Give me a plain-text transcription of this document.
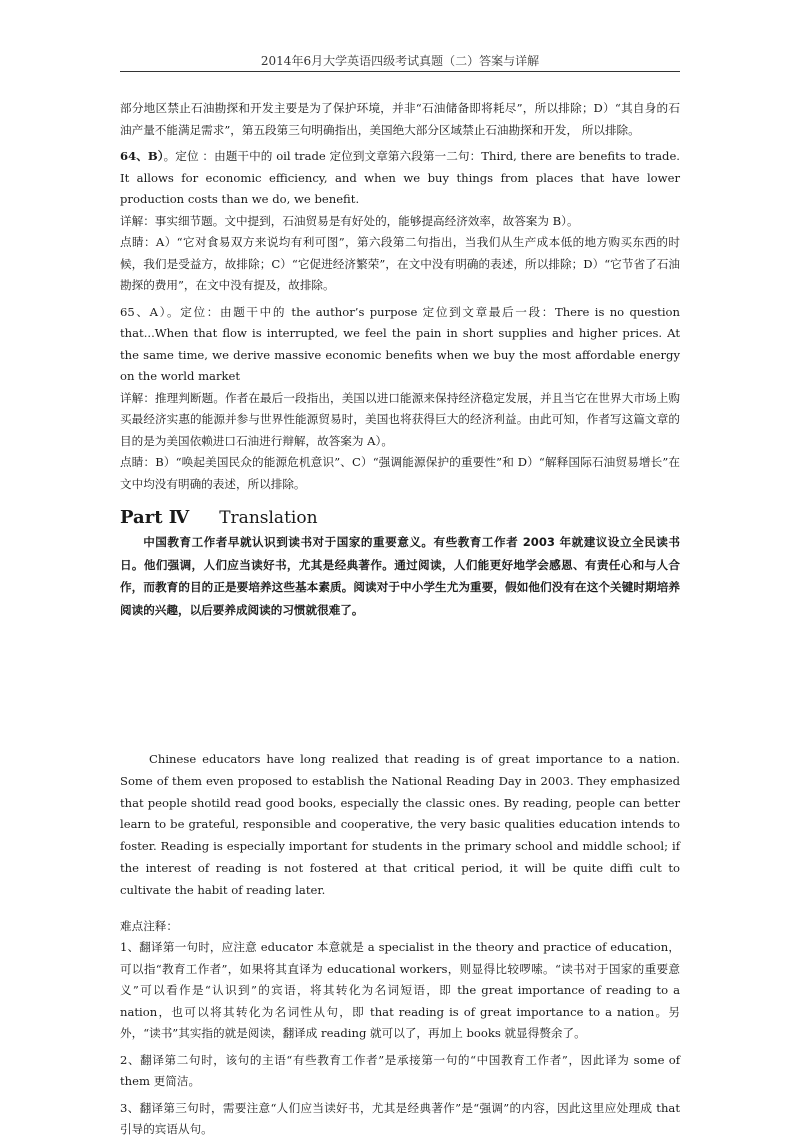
2014年6月大学英语四级考试真题（二）答案与详解

部分地区禁止石油勘探和开发主要是为了保护环境，并非“石油储备即将耗尽”，所以排除；D）“其自身的石油产量不能满足需求”，第五段第三句明确指出，美国绝大部分区域禁止石油勘探和开发， 所以排除。

64、B）。定位 ：由题干中的 oil trade 定位到文章第六段第一二句：Third, there are benefits to trade. It allows for economic efficiency, and when we buy things from places that have lower production costs than we do, we benefit.

详解：事实细节题。文中提到，石油贸易是有好处的，能够提高经济效率，故答案为 B）。

点睛：A）“它对食易双方来说均有利可图”，第六段第二句指出，当我们从生产成本低的地方购买东西的时候，我们是受益方，故排除；C）“它促进经济繁荣”，在文中没有明确的表述，所以排除；D）“它节省了石油勘探的费用”，在文中没有提及，故排除。

65、A）。定位：由题干中的 the author’s purpose 定位到文章最后一段：There is no question that...When that flow is interrupted, we feel the pain in short supplies and higher prices. At the same time, we derive massive economic benefits when we buy the most affordable energy on the world market

详解：推理判断题。作者在最后一段指出，美国以进口能源来保持经济稳定发展，并且当它在世界大市场上购买最经济实惠的能源并参与世界性能源贸易时，美国也将获得巨大的经济利益。由此可知，作者写这篇文章的目的是为美国依赖进口石油进行辩解，故答案为 A）。

点睛：B）“唤起美国民众的能源危机意识”、C）“强调能源保护的重要性”和 D）“解释国际石油贸易增长”在文中均没有明确的表述，所以排除。

Part Ⅳ Translation

中国教育工作者早就认识到读书对于国家的重要意义。有些教育工作者 2003 年就建议设立全民读书日。他们强调，人们应当读好书，尤其是经典著作。通过阅读，人们能更好地学会感恩、有责任心和与人合作，而教育的目的正是要培养这些基本素质。阅读对于中小学生尤为重要，假如他们没有在这个关键时期培养阅读的兴趣，以后要养成阅读的习惯就很难了。

Chinese educators have long realized that reading is of great importance to a nation. Some of them even proposed to establish the National Reading Day in 2003. They emphasized that people shotild read good books, especially the classic ones. By reading, people can better learn to be grateful, responsible and cooperative, the very basic qualities education intends to foster. Reading is especially important for students in the primary school and middle school; if the interest of reading is not fostered at that critical period, it will be quite diffi cult to cultivate the habit of reading later.

难点注释：

1、翻译第一句时，应注意 educator 本意就是 a specialist in the theory and practice of education，可以指“教育工作者”，如果将其直译为 educational workers，则显得比较啰嗦。“读书对于国家的重要意义”可以看作是“认识到”的宾语，将其转化为名词短语，即 the great importance of reading to a nation，也可以将其转化为名词性从句，即 that reading is of great importance to a nation。另外，“读书”其实指的就是阅读，翻译成 reading 就可以了，再加上 books 就显得赘余了。

2、翻译第二句时，该句的主语“有些教育工作者”是承接第一句的“中国教育工作者”，因此译为 some of them 更简洁。

3、翻译第三句时，需要注意“人们应当读好书，尤其是经典著作”是“强调”的内容，因此这里应处理成 that 引导的宾语从句。
